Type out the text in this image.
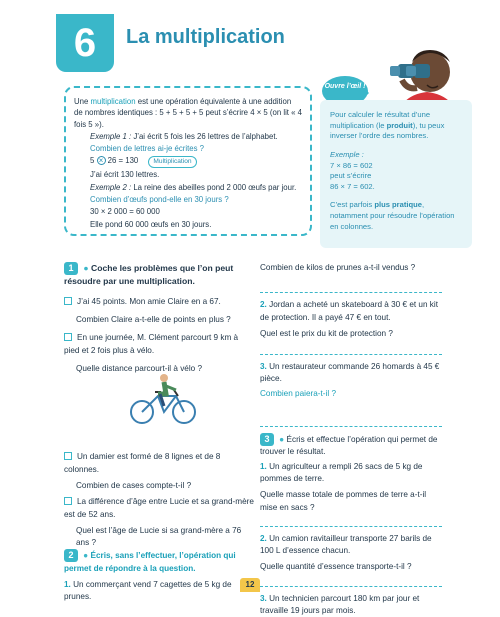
6	La multiplication

Une multiplication est une opération équivalente à une addition de nombres identiques : 5 + 5 + 5 + 5 peut s’écrire 4 × 5 (on lit « 4 fois 5 »).

Exemple 1 : J’ai écrit 5 fois les 26 lettres de l’alphabet.

Combien de lettres ai-je écrites ?

5 × 26 = 130 Multiplication

J’ai écrit 130 lettres.

Exemple 2 : La reine des abeilles pond 2 000 œufs par jour.

Combien d’œufs pond-elle en 30 jours ?

30 × 2 000 = 60 000

Elle pond 60 000 œufs en 30 jours.

Ouvre l’œil !

Pour calculer le résultat d’une multiplication (le produit), tu peux inverser l’ordre des nombres.

Exemple :

7 × 86 = 602

peut s’écrire

86 × 7 = 602.

C’est parfois plus pratique, notamment pour résoudre l’opération en colonnes.

1 ● Coche les problèmes que l’on peut résoudre par une multiplication.

J’ai 45 points. Mon amie Claire en a 67.

Combien Claire a-t-elle de points en plus ?

En une journée, M. Clément parcourt 9 km à pied et 2 fois plus à vélo.

Quelle distance parcourt-il à vélo ?

Un damier est formé de 8 lignes et de 8 colonnes.

Combien de cases compte-t-il ?

La différence d’âge entre Lucie et sa grand-mère est de 52 ans.

Quel est l’âge de Lucie si sa grand-mère a 76 ans ?

2 ● Écris, sans l’effectuer, l’opération qui permet de répondre à la question.

1. Un commerçant vend 7 cagettes de 5 kg de prunes.

Combien de kilos de prunes a-t-il vendus ?

2. Jordan a acheté un skateboard à 30 € et un kit de protection. Il a payé 47 € en tout.

Quel est le prix du kit de protection ?

3. Un restaurateur commande 26 homards à 45 € pièce.

Combien paiera-t-il ?

3 ● Écris et effectue l’opération qui permet de trouver le résultat.

1. Un agriculteur a rempli 26 sacs de 5 kg de pommes de terre.

Quelle masse totale de pommes de terre a-t-il mise en sacs ?

2. Un camion ravitailleur transporte 27 barils de 100 L d’essence chacun.

Quelle quantité d’essence transporte-t-il ?

3. Un technicien parcourt 180 km par jour et travaille 19 jours par mois.

12
